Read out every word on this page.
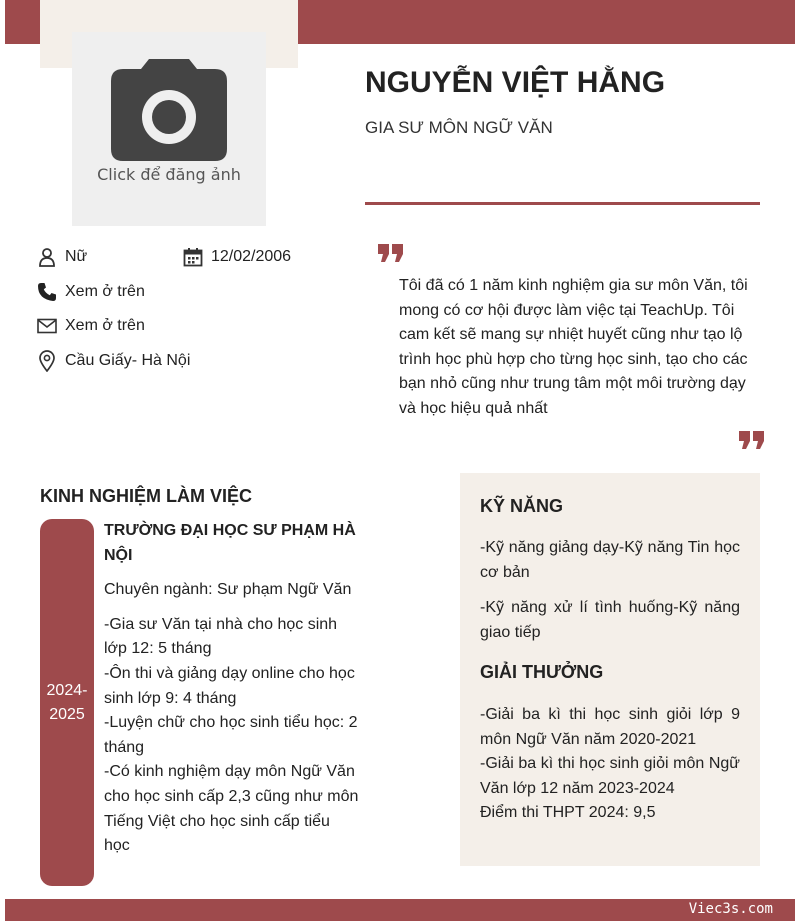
Click để đăng ảnh
NGUYỄN VIỆT HẰNG
GIA SƯ MÔN NGỮ VĂN
Nữ	12/02/2006
Xem ở trên
Xem ở trên
Cầu Giấy- Hà Nội
Tôi đã có 1 năm kinh nghiệm gia sư môn Văn, tôi mong có cơ hội được làm việc tại TeachUp. Tôi cam kết sẽ mang sự nhiệt huyết cũng như tạo lộ trình học phù hợp cho từng học sinh, tạo cho các bạn nhỏ cũng như trung tâm một môi trường dạy và học hiệu quả nhất
KINH NGHIỆM LÀM VIỆC
2024-2025
TRƯỜNG ĐẠI HỌC SƯ PHẠM HÀ NỘI
Chuyên ngành: Sư phạm Ngữ Văn
-Gia sư Văn tại nhà cho học sinh lớp 12: 5 tháng
-Ôn thi và giảng dạy online cho học sinh lớp 9: 4 tháng
-Luyện chữ cho học sinh tiểu học: 2 tháng
-Có kinh nghiệm dạy môn Ngữ Văn cho học sinh cấp 2,3 cũng như môn Tiếng Việt cho học sinh cấp tiểu học
KỸ NĂNG
-Kỹ năng giảng dạy-Kỹ năng Tin học cơ bản
-Kỹ năng xử lí tình huống-Kỹ năng giao tiếp
GIẢI THƯỞNG
-Giải ba kì thi học sinh giỏi lớp 9 môn Ngữ Văn năm 2020-2021
-Giải ba kì thi học sinh giỏi môn Ngữ Văn lớp 12 năm 2023-2024
Điểm thi THPT 2024: 9,5
Viec3s.com
